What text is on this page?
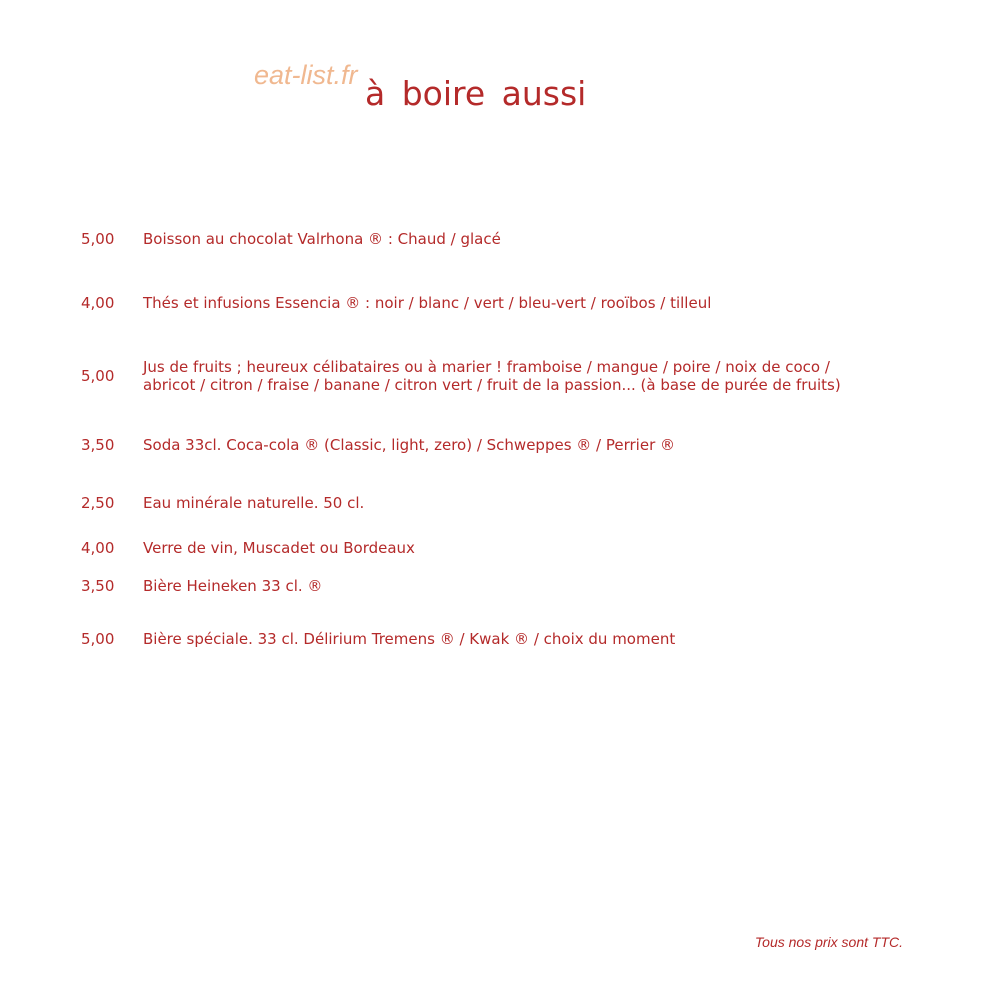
eat-list.fr à boire aussi
5,00 Boisson au chocolat Valrhona ® : Chaud / glacé
4,00 Thés et infusions Essencia ® : noir / blanc / vert / bleu-vert / rooïbos / tilleul
5,00 Jus de fruits ; heureux célibataires ou à marier ! framboise / mangue / poire / noix de coco /
abricot / citron / fraise / banane / citron vert / fruit de la passion... (à base de purée de fruits)
3,50 Soda 33cl. Coca-cola ® (Classic, light, zero) / Schweppes ® / Perrier ®
2,50 Eau minérale naturelle. 50 cl.
4,00 Verre de vin, Muscadet ou Bordeaux
3,50 Bière Heineken 33 cl. ®
5,00 Bière spéciale. 33 cl. Délirium Tremens ® / Kwak ® / choix du moment
Tous nos prix sont TTC.
